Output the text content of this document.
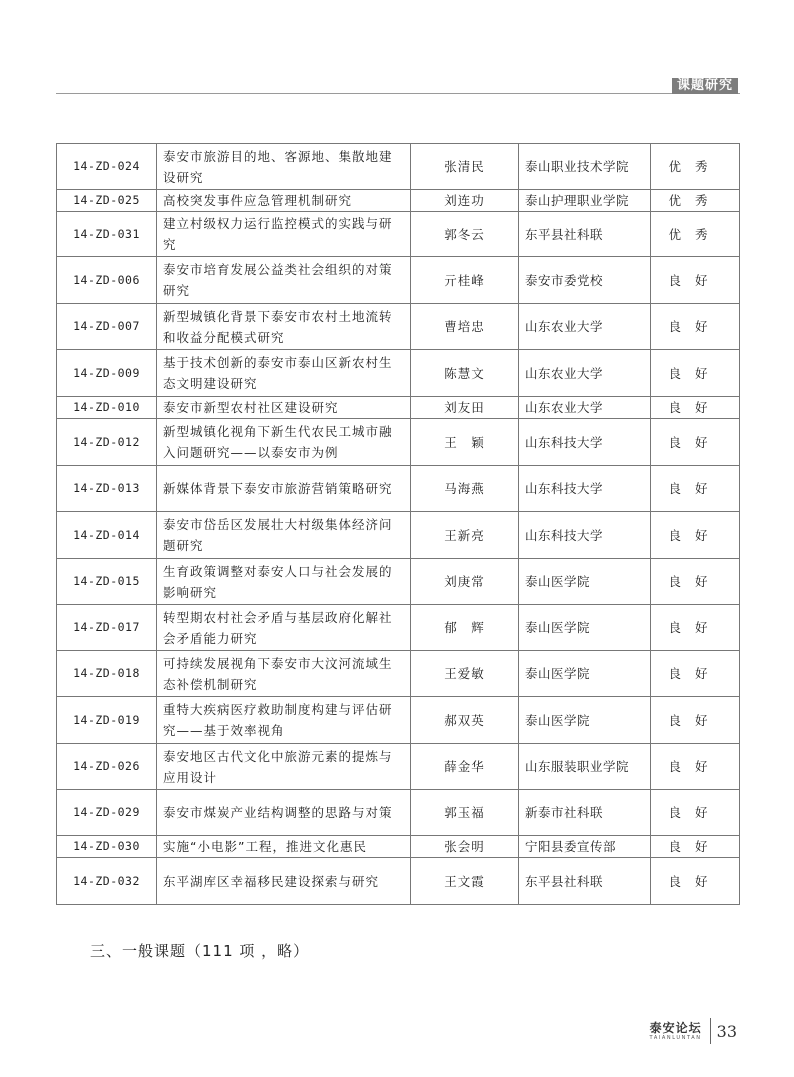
课题研究
14-ZD-024	泰安市旅游目的地、客源地、集散地建设研究	张清民	泰山职业技术学院	优秀
14-ZD-025	高校突发事件应急管理机制研究	刘连功	泰山护理职业学院	优秀
14-ZD-031	建立村级权力运行监控模式的实践与研究	郭冬云	东平县社科联	优秀
14-ZD-006	泰安市培育发展公益类社会组织的对策研究	亓桂峰	泰安市委党校	良好
14-ZD-007	新型城镇化背景下泰安市农村土地流转和收益分配模式研究	曹培忠	山东农业大学	良好
14-ZD-009	基于技术创新的泰安市泰山区新农村生态文明建设研究	陈慧文	山东农业大学	良好
14-ZD-010	泰安市新型农村社区建设研究	刘友田	山东农业大学	良好
14-ZD-012	新型城镇化视角下新生代农民工城市融入问题研究——以泰安市为例	王　颖	山东科技大学	良好
14-ZD-013	新媒体背景下泰安市旅游营销策略研究	马海燕	山东科技大学	良好
14-ZD-014	泰安市岱岳区发展壮大村级集体经济问题研究	王新亮	山东科技大学	良好
14-ZD-015	生育政策调整对泰安人口与社会发展的影响研究	刘庚常	泰山医学院	良好
14-ZD-017	转型期农村社会矛盾与基层政府化解社会矛盾能力研究	郁　辉	泰山医学院	良好
14-ZD-018	可持续发展视角下泰安市大汶河流域生态补偿机制研究	王爱敏	泰山医学院	良好
14-ZD-019	重特大疾病医疗救助制度构建与评估研究——基于效率视角	郝双英	泰山医学院	良好
14-ZD-026	泰安地区古代文化中旅游元素的提炼与应用设计	薛金华	山东服装职业学院	良好
14-ZD-029	泰安市煤炭产业结构调整的思路与对策	郭玉福	新泰市社科联	良好
14-ZD-030	实施“小电影”工程，推进文化惠民	张会明	宁阳县委宣传部	良好
14-ZD-032	东平湖库区幸福移民建设探索与研究	王文霞	东平县社科联	良好
三、一般课题（111 项 ，略）
泰安论坛
TAIANLUNTAN 33
